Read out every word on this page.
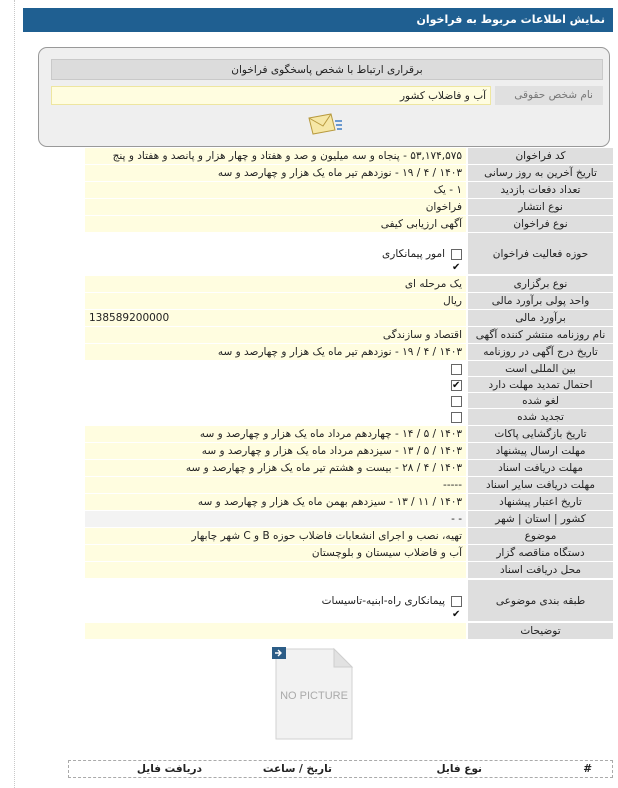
نمایش اطلاعات مربوط به فراخوان
برقراری ارتباط با شخص پاسخگوی فراخوان
نام شخص حقوقی
آب و فاضلاب کشور
کد فراخوان
۵۳,۱۷۴,۵۷۵ - پنجاه و سه میلیون و صد و هفتاد و چهار هزار و پانصد و هفتاد و پنج
تاریخ آخرین به روز رسانی
۱۴۰۳ / ۴ / ۱۹ - نوزدهم تیر ماه یک هزار و چهارصد و سه
تعداد دفعات بازدید
۱ - یک
نوع انتشار
فراخوان
نوع فراخوان
آگهی ارزیابی کیفی
حوزه فعالیت فراخوان
✔امور پیمانکاری
نوع برگزاری
یک مرحله ای
واحد پولی برآورد مالی
ریال
برآورد مالی
138589200000
نام روزنامه منتشر کننده آگهی
اقتصاد و سازندگی
تاریخ درج آگهی در روزنامه
۱۴۰۳ / ۴ / ۱۹ - نوزدهم تیر ماه یک هزار و چهارصد و سه
بین المللی است
احتمال تمدید مهلت دارد
✔
لغو شده
تجدید شده
تاریخ بازگشایی پاکات
۱۴۰۳ / ۵ / ۱۴ - چهاردهم مرداد ماه یک هزار و چهارصد و سه
مهلت ارسال پیشنهاد
۱۴۰۳ / ۵ / ۱۳ - سیزدهم مرداد ماه یک هزار و چهارصد و سه
مهلت دریافت اسناد
۱۴۰۳ / ۴ / ۲۸ - بیست و هشتم تیر ماه یک هزار و چهارصد و سه
مهلت دریافت سایر اسناد
-----
تاریخ اعتبار پیشنهاد
۱۴۰۳ / ۱۱ / ۱۳ - سیزدهم بهمن ماه یک هزار و چهارصد و سه
کشور | استان | شهر
- -
موضوع
تهیه، نصب و اجرای انشعابات فاضلاب حوزه B و C شهر چابهار
دستگاه مناقصه گزار
آب و فاضلاب سیستان و بلوچستان
محل دریافت اسناد
طبقه بندی موضوعی
✔پیمانکاری راه-ابنیه-تاسیسات
توضیحات
NO PICTURE
#
نوع فایل
تاریخ / ساعت
دریافت فایل
